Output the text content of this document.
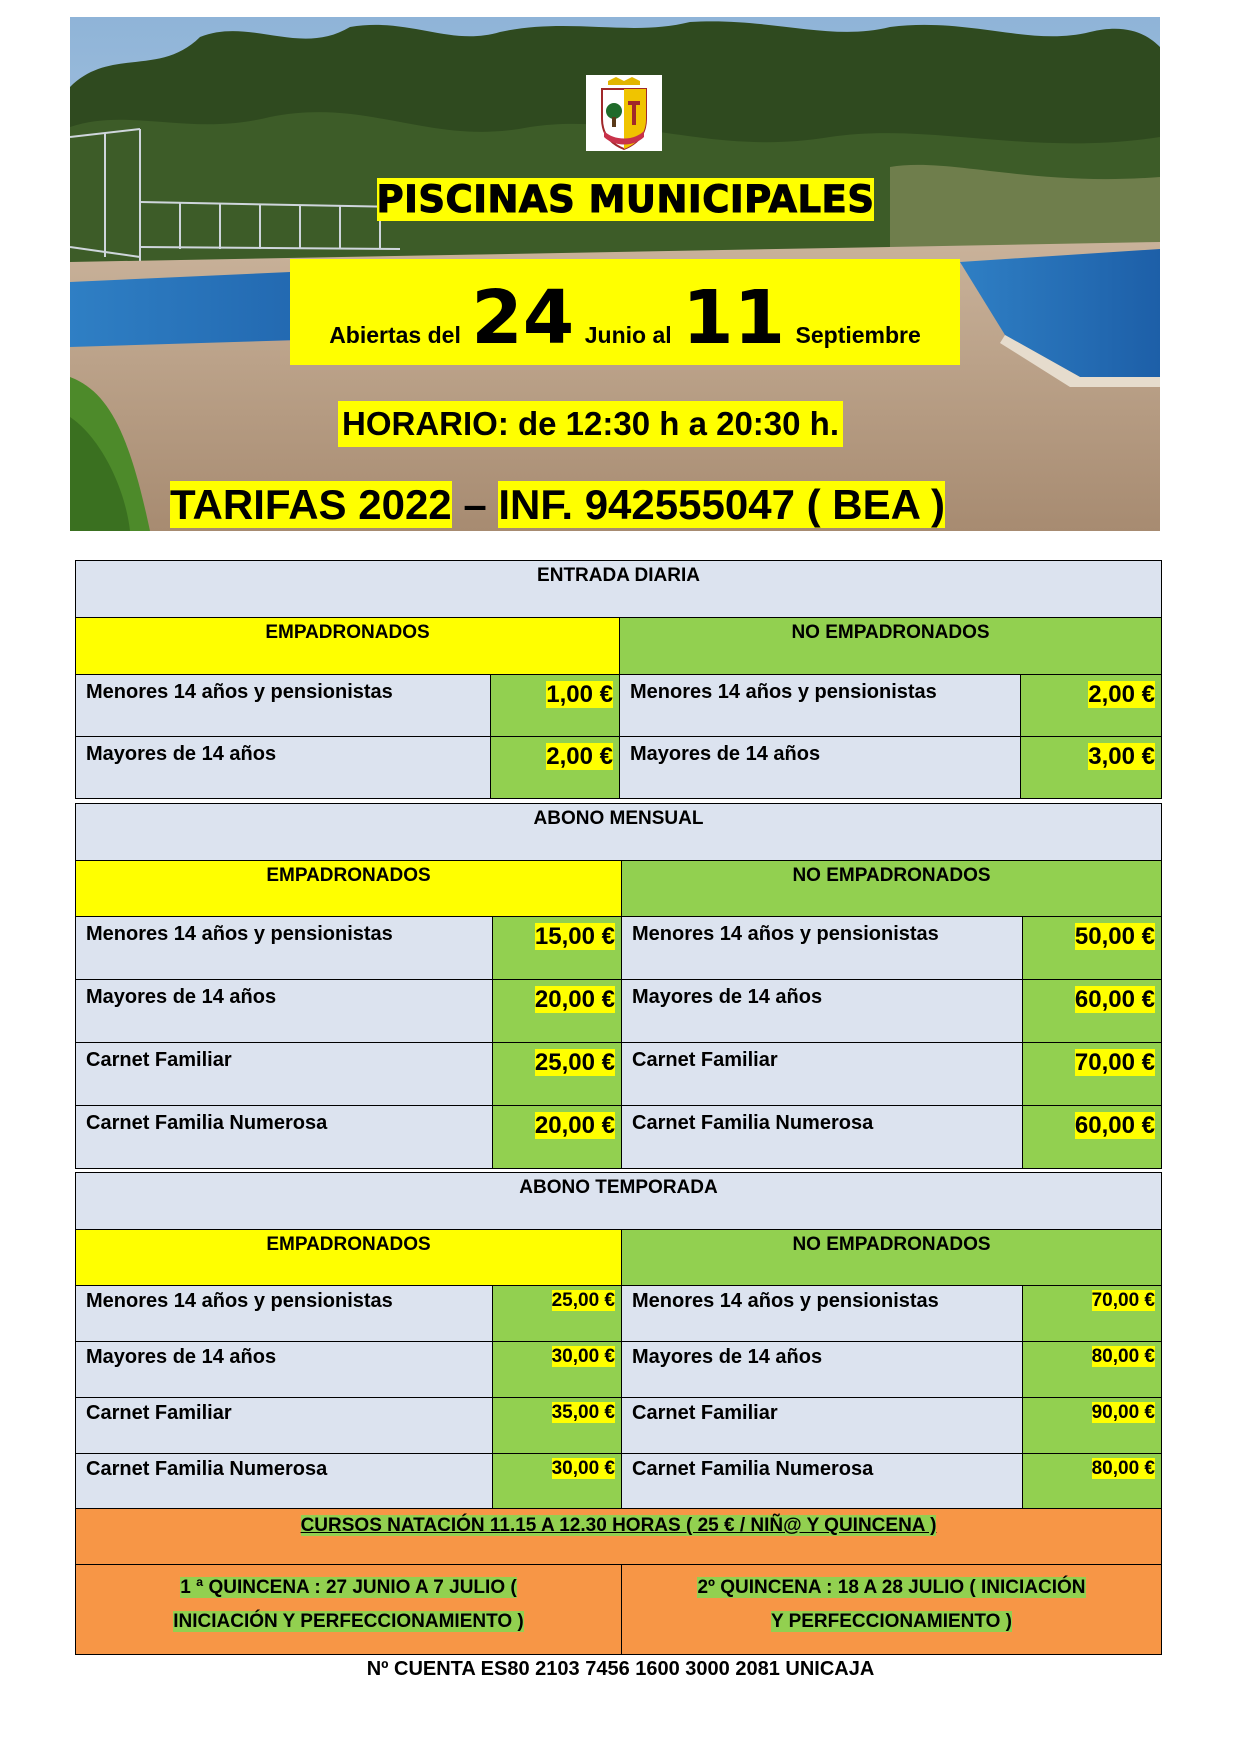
PISCINAS MUNICIPALES
Abiertas del 24 Junio al 11 Septiembre
HORARIO: de 12:30 h a 20:30 h.
TARIFAS 2022 – INF. 942555047 ( BEA )
ENTRADA DIARIA
EMPADRONADOS	NO EMPADRONADOS
Menores 14 años y pensionistas	1,00 € Menores 14 años y pensionistas	2,00 €
Mayores de 14 años	2,00 € Mayores de 14 años	3,00 €
ABONO MENSUAL
EMPADRONADOS	NO EMPADRONADOS
Menores 14 años y pensionistas	15,00 € Menores 14 años y pensionistas	50,00 €
Mayores de 14 años	20,00 € Mayores de 14 años	60,00 €
Carnet Familiar	25,00 € Carnet Familiar	70,00 €
Carnet Familia Numerosa	20,00 € Carnet Familia Numerosa	60,00 €
ABONO TEMPORADA
EMPADRONADOS	NO EMPADRONADOS
Menores 14 años y pensionistas	25,00 € Menores 14 años y pensionistas	70,00 €
Mayores de 14 años	30,00 € Mayores de 14 años	80,00 €
Carnet Familiar	35,00 € Carnet Familiar	90,00 €
Carnet Familia Numerosa	30,00 € Carnet Familia Numerosa	80,00 €
CURSOS NATACIÓN 11.15 A 12.30 HORAS ( 25 € / NIÑ@ Y QUINCENA )
1 ª QUINCENA : 27 JUNIO A 7 JULIO (
INICIACIÓN Y PERFECCIONAMIENTO )
2º QUINCENA : 18 A 28 JULIO ( INICIACIÓN
Y PERFECCIONAMIENTO )
Nº CUENTA ES80 2103 7456 1600 3000 2081 UNICAJA
